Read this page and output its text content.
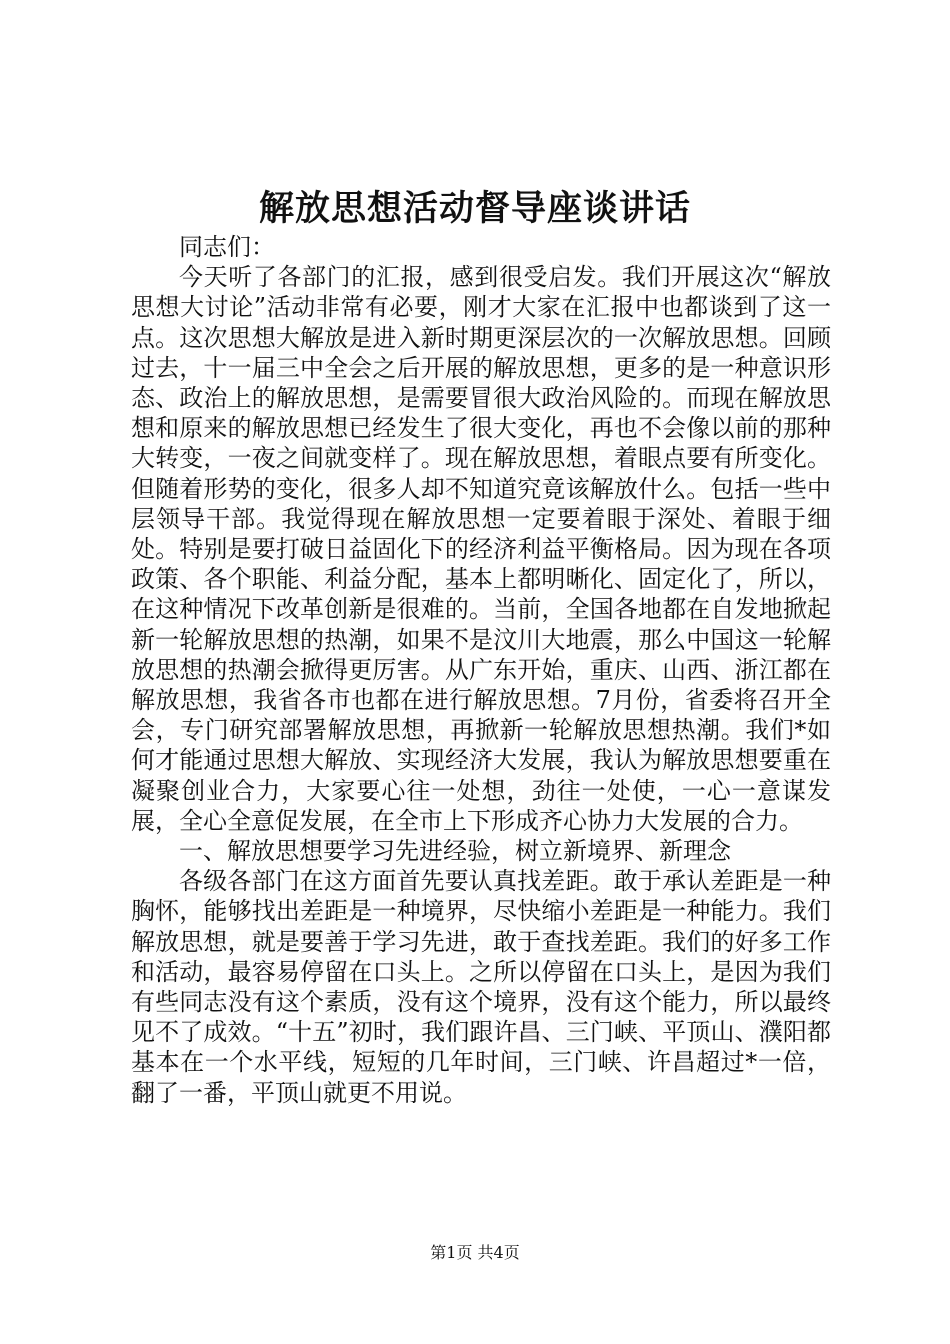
解放思想活动督导座谈讲话

同志们：

今天听了各部门的汇报，感到很受启发。我们开展这次“解放思想大讨论”活动非常有必要，刚才大家在汇报中也都谈到了这一点。这次思想大解放是进入新时期更深层次的一次解放思想。回顾过去，十一届三中全会之后开展的解放思想，更多的是一种意识形态、政治上的解放思想，是需要冒很大政治风险的。而现在解放思想和原来的解放思想已经发生了很大变化，再也不会像以前的那种大转变，一夜之间就变样了。现在解放思想，着眼点要有所变化。但随着形势的变化，很多人却不知道究竟该解放什么。包括一些中层领导干部。我觉得现在解放思想一定要着眼于深处、着眼于细处。特别是要打破日益固化下的经济利益平衡格局。因为现在各项政策、各个职能、利益分配，基本上都明晰化、固定化了，所以，在这种情况下改革创新是很难的。当前，全国各地都在自发地掀起新一轮解放思想的热潮，如果不是汶川大地震，那么中国这一轮解放思想的热潮会掀得更厉害。从广东开始，重庆、山西、浙江都在解放思想，我省各市也都在进行解放思想。7月份，省委将召开全会，专门研究部署解放思想，再掀新一轮解放思想热潮。我们*如何才能通过思想大解放、实现经济大发展，我认为解放思想要重在凝聚创业合力，大家要心往一处想，劲往一处使，一心一意谋发展，全心全意促发展，在全市上下形成齐心协力大发展的合力。

一、解放思想要学习先进经验，树立新境界、新理念

各级各部门在这方面首先要认真找差距。敢于承认差距是一种胸怀，能够找出差距是一种境界，尽快缩小差距是一种能力。我们解放思想，就是要善于学习先进，敢于查找差距。我们的好多工作和活动，最容易停留在口头上。之所以停留在口头上，是因为我们有些同志没有这个素质，没有这个境界，没有这个能力，所以最终见不了成效。“十五”初时，我们跟许昌、三门峡、平顶山、濮阳都基本在一个水平线，短短的几年时间，三门峡、许昌超过*一倍，翻了一番，平顶山就更不用说。

第1页 共4页
